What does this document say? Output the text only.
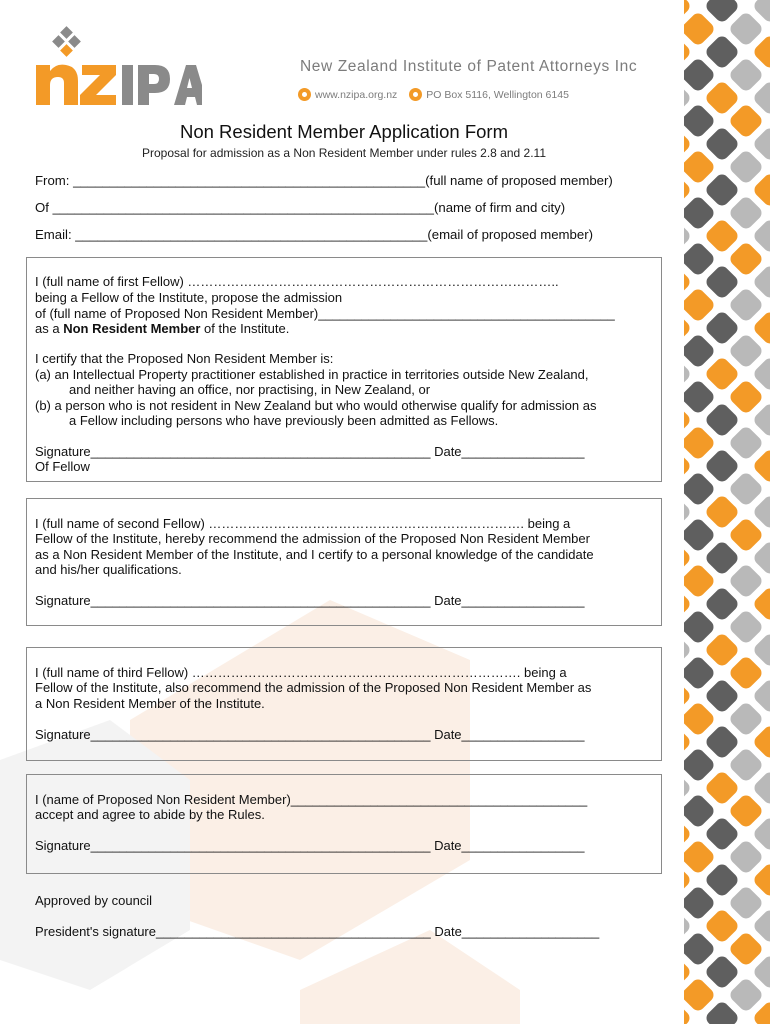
New Zealand Institute of Patent Attorneys Inc
www.nzipa.org.nz	PO Box 5116, Wellington 6145
Non Resident Member Application Form
Proposal for admission as a Non Resident Member under rules 2.8 and 2.11
From: ________________________________________________(full name of proposed member)
Of ____________________________________________________(name of firm and city)
Email: ________________________________________________(email of proposed member)
I (full name of first Fellow) …………………………………………………………………………..
being a Fellow of the Institute, propose the admission
of (full name of Proposed Non Resident Member)_________________________________________
as a Non Resident Member of the Institute.
I certify that the Proposed Non Resident Member is:
(a) an Intellectual Property practitioner established in practice in territories outside New Zealand,
and neither having an office, nor practising, in New Zealand, or
(b) a person who is not resident in New Zealand but who would otherwise qualify for admission as
a Fellow including persons who have previously been admitted as Fellows.
Signature_______________________________________________ Date_________________
Of Fellow
I (full name of second Fellow) ………………………………………………………………. being a
Fellow of the Institute, hereby recommend the admission of the Proposed Non Resident Member
as a Non Resident Member of the Institute, and I certify to a personal knowledge of the candidate
and his/her qualifications.
Signature_______________________________________________ Date_________________
I (full name of third Fellow) …………………………………………………………………. being a
Fellow of the Institute, also recommend the admission of the Proposed Non Resident Member as
a Non Resident Member of the Institute.
Signature_______________________________________________ Date_________________
I (name of Proposed Non Resident Member)_________________________________________
accept and agree to abide by the Rules.
Signature_______________________________________________ Date_________________
Approved by council
President's signature______________________________________ Date___________________
